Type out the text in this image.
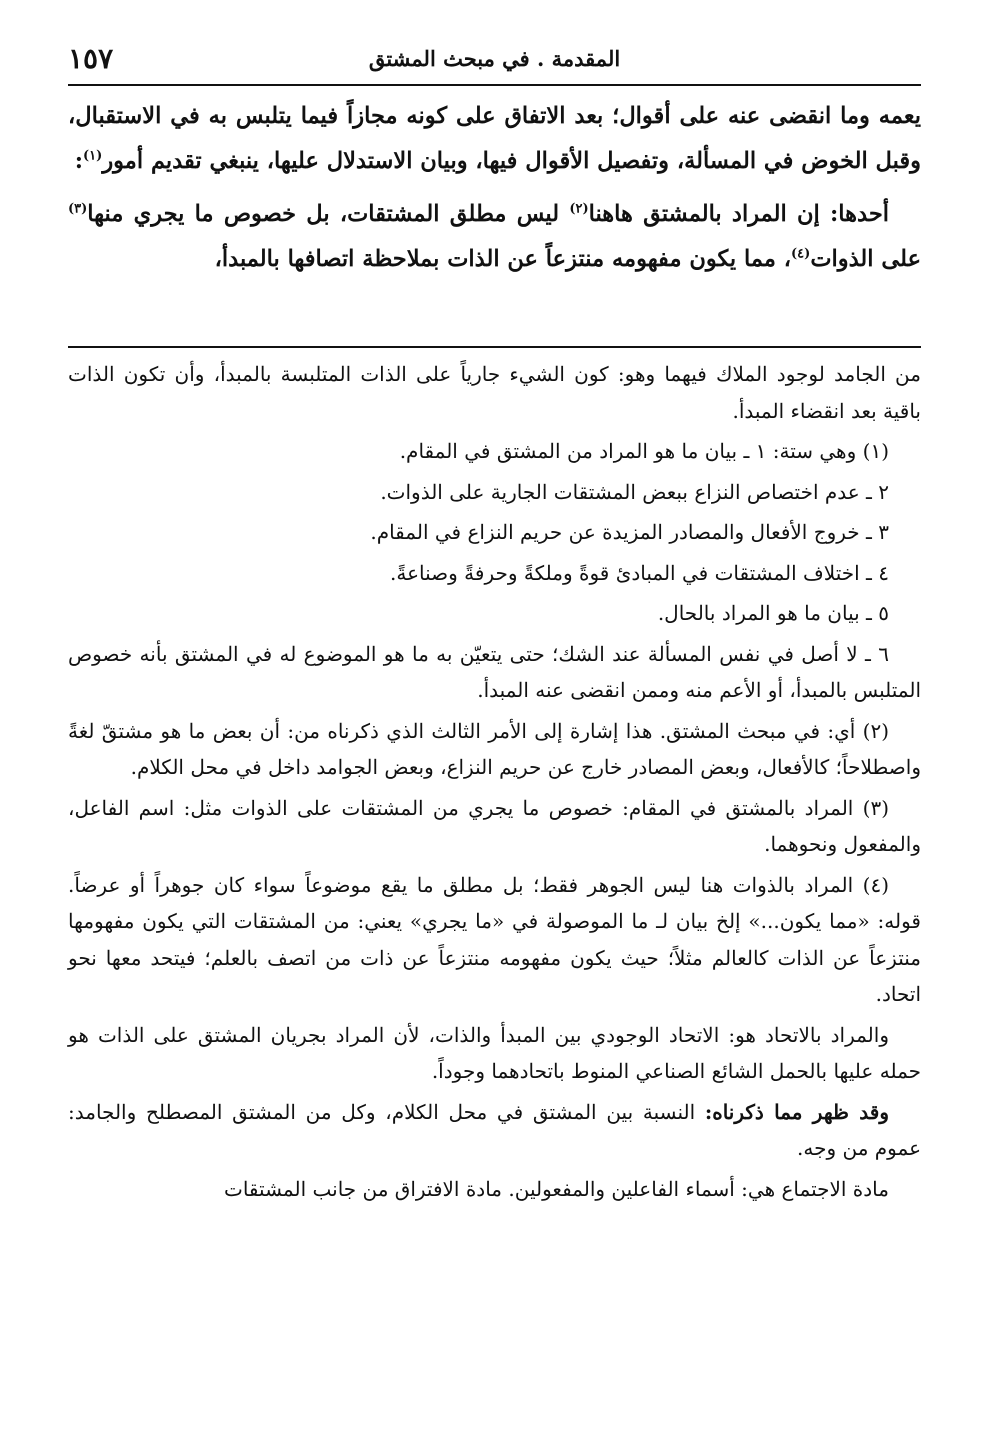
المقدمة . في مبحث المشتق
١٥٧

يعمه وما انقضى عنه على أقوال؛ بعد الاتفاق على كونه مجازاً فيما يتلبس به في الاستقبال، وقبل الخوض في المسألة، وتفصيل الأقوال فيها، وبيان الاستدلال عليها، ينبغي تقديم أمور$^{(١)}$:

أحدها: إن المراد بالمشتق هاهنا$^{(٢)}$ ليس مطلق المشتقات، بل خصوص ما يجري منها$^{(٣)}$ على الذوات$^{(٤)}$، مما يكون مفهومه منتزعاً عن الذات بملاحظة اتصافها بالمبدأ،

من الجامد لوجود الملاك فيهما وهو: كون الشيء جارياً على الذات المتلبسة بالمبدأ، وأن تكون الذات باقية بعد انقضاء المبدأ.

(١) وهي ستة: ١ ـ بيان ما هو المراد من المشتق في المقام.

٢ ـ عدم اختصاص النزاع ببعض المشتقات الجارية على الذوات.

٣ ـ خروج الأفعال والمصادر المزيدة عن حريم النزاع في المقام.

٤ ـ اختلاف المشتقات في المبادئ قوةً وملكةً وحرفةً وصناعةً.

٥ ـ بيان ما هو المراد بالحال.

٦ ـ لا أصل في نفس المسألة عند الشك؛ حتى يتعيّن به ما هو الموضوع له في المشتق بأنه خصوص المتلبس بالمبدأ، أو الأعم منه وممن انقضى عنه المبدأ.

(٢) أي: في مبحث المشتق. هذا إشارة إلى الأمر الثالث الذي ذكرناه من: أن بعض ما هو مشتقّ لغةً واصطلاحاً؛ كالأفعال، وبعض المصادر خارج عن حريم النزاع، وبعض الجوامد داخل في محل الكلام.

(٣) المراد بالمشتق في المقام: خصوص ما يجري من المشتقات على الذوات مثل: اسم الفاعل، والمفعول ونحوهما.

(٤) المراد بالذوات هنا ليس الجوهر فقط؛ بل مطلق ما يقع موضوعاً سواء كان جوهراً أو عرضاً. قوله: «مما يكون...» إلخ بيان لـ ما الموصولة في «ما يجري» يعني: من المشتقات التي يكون مفهومها منتزعاً عن الذات كالعالم مثلاً؛ حيث يكون مفهومه منتزعاً عن ذات من اتصف بالعلم؛ فيتحد معها نحو اتحاد.

والمراد بالاتحاد هو: الاتحاد الوجودي بين المبدأ والذات، لأن المراد بجريان المشتق على الذات هو حمله عليها بالحمل الشائع الصناعي المنوط باتحادهما وجوداً.

وقد ظهر مما ذكرناه: النسبة بين المشتق في محل الكلام، وكل من المشتق المصطلح والجامد: عموم من وجه.

مادة الاجتماع هي: أسماء الفاعلين والمفعولين. مادة الافتراق من جانب المشتقات
